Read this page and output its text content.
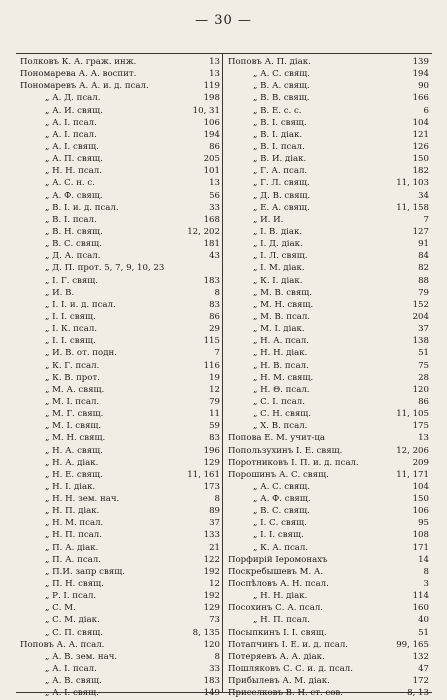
— 30 —
Полковъ К. А. граж. инж.	13
Пономарева А. А. воспит.	13
Пономаревъ А. А. и. д. псал.	119
„ А. Д. псал.	198
„ А. И. свящ.	10, 31
„ А. I. псал.	106
„ А. I. псал.	194
„ А. I. свящ.	86
„ А. П. свящ.	205
„ Н. Н. псал.	101
„ А. С. н. с.	13
„ А. Ф. свящ.	56
„ В. I. и. д. псал.	33
„ В. I. псал.	168
„ В. Н. свящ.	12, 202
„ В. С. свящ.	181
„ Д. А. псал.	43
„ Д. П. прот. 5, 7, 9, 10, 23
„ I. Г. свящ.	183
„ И. В.	8
„ I. I. и. д. псал.	83
„ I. I. свящ.	86
„ I. К. псал.	29
„ I. I. свящ.	115
„ И. В. от. подн.	7
„ К. Г. псал.	116
„ К. В. прот.	19
„ М. А. свящ.	12
„ М. I. псал.	79
„ М. Г. свящ.	11
„ М. I. свящ.	59
„ М. Н. свящ.	83
„ Н. А. свящ.	196
„ Н. А. дiак.	129
„ Н. Е. свящ.	11, 161
„ Н. I. дiак.	173
„ Н. Н. зем. нач.	8
„ Н. П. дiак.	89
„ Н. М. псал.	37
„ Н. П. псал.	133
„ П. А. дiак.	21
„ П. А. псал.	122
„ П.И. запр свящ.	192
„ П. Н. свящ.	12
„ Р. I. псал.	192
„ С. М.	129
„ С. М. дiак.	73
„ С. П. свящ.	8, 135
Поповъ А. А. псал.	120
„ А. В. зем. нач.	8
„ А. I. псал.	33
„ А. В. свящ.	183
„ А. I. свящ.	149
Поповъ А. П. дiак.	139
„ А. С. свящ.	194
„ В. А. свящ.	90
„ В. В. свящ.	166
„ В. Е. с. с.	6
„ В. I. свящ.	104
„ В. I. дiак.	121
„ В. I. псал.	126
„ В. И. дiак.	150
„ Г. А. псал.	182
„ Г. Л. свящ.	11, 103
„ Д. В. свящ.	34
„ Е. А. свящ.	11, 158
„ И. И.	7
„ I. В. дiак.	127
„ I. Д. дiак.	91
„ I. Л. свящ.	84
„ I. М. дiак.	82
„ К. I. дiак.	88
„ М. В. свящ.	79
„ М. Н. свящ.	152
„ М. В. псал.	204
„ М. I. дiак.	37
„ Н. А. псал.	138
„ Н. Н. дiак.	51
„ Н. В. псал.	75
„ Н. М. свящ.	28
„ Н. Θ. псал.	120
„ С. I. псал.	86
„ С. Н. свящ.	11, 105
„ Х. В. псал.	175
Попова Е. М. учит-ца	13
Попользухинъ I. Е. свящ.	12, 206
Поротниковъ I. П. и. д. псал.	209
Порошинъ А. С. свящ.	11, 171
„ А. С. свящ.	104
„ А. Ф. свящ.	150
„ В. С. свящ.	106
„ I. С. свящ.	95
„ I. I. свящ.	108
„ К. А. псал.	171
Порфирiй Iеромонахъ	14
Поскребышевъ М. А.	8
Поспѣловъ А. Н. псал.	3
„ Н. Н. дiак.	114
Посохинъ С. А. псал.	160
„ Н. П. псал.	40
Посыпкинъ I. I. свящ.	51
Потапчинъ I. Е. и. д. псал.	99, 165
Потеряевъ А. А. дiак.	132
Пошляковъ С. С. и. д. псал.	47
Прибылевъ А. М. дiак.	172
Приселковъ В. Н. ст. сов.	8, 13
